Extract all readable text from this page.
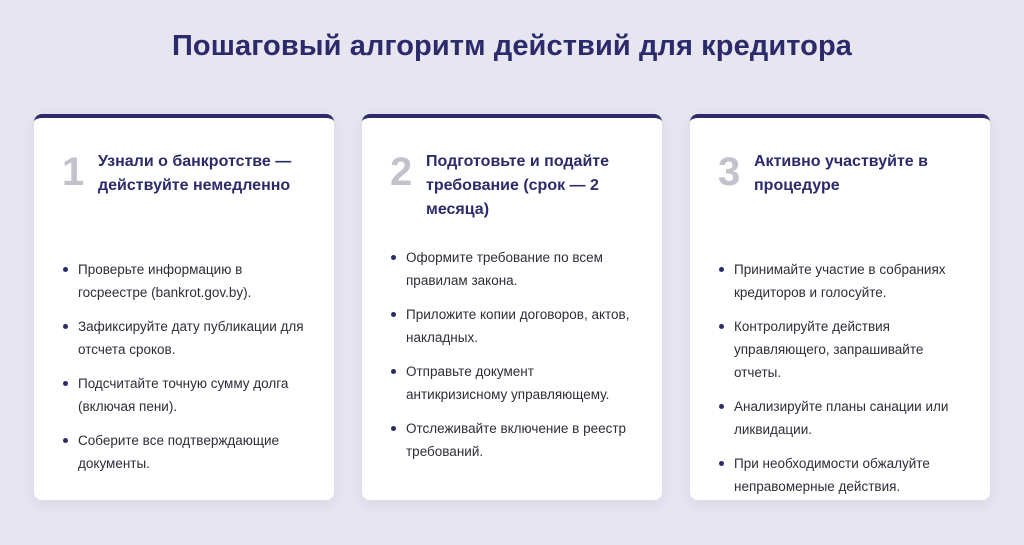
Пошаговый алгоритм действий для кредитора
1 Узнали о банкротстве — действуйте немедленно
Проверьте информацию в госреестре (bankrot.gov.by).
Зафиксируйте дату публикации для отсчета сроков.
Подсчитайте точную сумму долга (включая пени).
Соберите все подтверждающие документы.
2 Подготовьте и подайте требование (срок — 2 месяца)
Оформите требование по всем правилам закона.
Приложите копии договоров, актов, накладных.
Отправьте документ антикризисному управляющему.
Отслеживайте включение в реестр требований.
3 Активно участвуйте в процедуре
Принимайте участие в собраниях кредиторов и голосуйте.
Контролируйте действия управляющего, запрашивайте отчеты.
Анализируйте планы санации или ликвидации.
При необходимости обжалуйте неправомерные действия.
